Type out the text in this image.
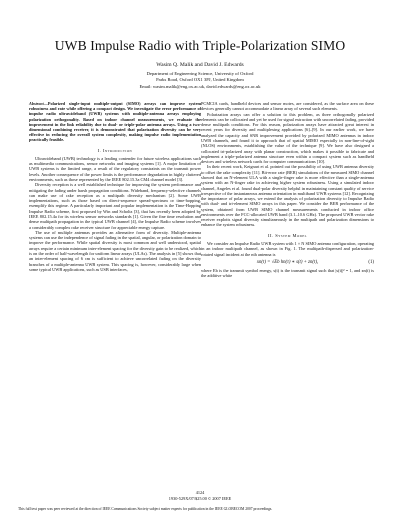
UWB Impulse Radio with Triple-Polarization SIMO
Wasim Q. Malik and David J. Edwards
Department of Engineering Science, University of Oxford
Parks Road, Oxford OX1 3PJ, United Kingdom
Email: wasim.malik@eng.ox.ac.uk, david.edwards@eng.ox.ac.uk

Abstract—Polarized single-input multiple-output (SIMO) arrays can improve system robustness and rate while offering a compact design. We investigate the error performance of impulse radio ultrawideband (UWB) systems with multiple-antenna arrays employing polarization orthogonality. Based on indoor channel measurements, we evaluate the improvement in the link reliability due to dual- or triple-polar antenna arrays. Using a two-dimensional combining receiver, it is demonstrated that polarization diversity can be very effective in reducing the overall system complexity, making impulse radio implementation practically feasible.

I. Introduction

Ultrawideband (UWB) technology is a leading contender for future wireless applications such as multimedia communications, sensor networks and imaging systems [1]. A major limitation of UWB systems is the limited range, a result of the regulatory constraints on the transmit power levels. Another consequence of the power limits is the performance degradation in highly cluttered environments, such as those represented by the IEEE 802.15.3a CM4 channel model [3].

Diversity reception is a well established technique for improving the system performance and mitigating the fading under harsh propagation conditions. Wideband, frequency-selective channels can make use of rake reception as a multipath diversity mechanism [2]. Some UWB implementations, such as those based on direct-sequence spread-spectrum or time-hopping, exemplify this regime. A particularly important and popular implementation is the Time-Hopping Impulse Radio scheme, first proposed by Win and Scholtz [3], that has recently been adopted by IEEE 802.15.4a for its wireless sensor networks standards [1]. Given the fine time resolution and dense multipath propagation in the typical UWB channel [4], the Impulse Radio scheme involves a considerably complex rake receiver structure for appreciable energy capture.

The use of multiple antennas provides an alternative form of diversity. Multiple-antenna systems can use the independence of signal fading in the spatial, angular, or polarization domain to improve the performance. While spatial diversity is most common and well understood, spatial arrays require a certain minimum inter-element spacing for the diversity gain to be realized, which is on the order of half-wavelength for uniform linear arrays (ULAs). The analysis in [5] shows that an inter-element spacing of 6 cm is sufficient to achieve uncorrelated fading on the diversity branches of a multiple-antenna UWB system. This spacing is, however, considerably large when some typical UWB applications, such as USB interfaces,

PCMCIA cards, handheld devices and sensor motes, are considered, as the surface area on these devices generally cannot accommodate a linear array of several such elements.

Polarization arrays can offer a solution to this problem, as three orthogonally polarized elements can be collocated and yet be used for signal extraction with uncorrelated fading, provided dense multipath conditions. For this reason, polarization arrays have attracted great interest in recent years for diversity and multiplexing applications [6]–[9]. In our earlier work, we have analyzed the capacity and SNR improvement provided by polarized MIMO antennas in indoor UWB channels, and found it to approach that of spatial MIMO especially in non-line-of-sight (NLOS) environments, establishing the value of the technique [9]. We have also designed a collocated tri-polarized array with planar construction, which makes it possible to fabricate and implement a triple-polarized antenna structure even within a compact system such as handheld devices and wireless network cards for computer communications [10].

In their recent work, Keignart et al. pointed out the possibility of using UWB antenna diversity to offset the rake complexity [11]. Bit-error rate (BER) simulations of the measured SIMO channel showed that an N-element ULA with a single-finger rake is more effective than a single-antenna system with an N-finger rake in achieving higher system robustness. Using a simulated indoor channel, Angeles et al. found dual-polar diversity helpful in maintaining constant quality of service irrespective of the instantaneous antenna orientation in multiband UWB systems [12]. Recognizing the importance of polar arrays, we extend the analysis of polarization diversity to Impulse Radio with dual- and tri-element SIMO arrays in this paper. We consider the BER performance of the system, obtained from UWB SIMO channel measurements conducted in indoor office environments over the FCC-allocated UWB band (3.1–10.6 GHz). The proposed UWB vector rake receiver exploits signal diversity simultaneously in the multipath and polarization dimensions to enhance the system robustness.

II. System Model

We consider an Impulse Radio UWB system with 1 × N SIMO antenna configuration, operating in an indoor multipath channel, as shown in Fig. 1. The multipath-dispersed and polarization-rotated signal incident at the nth antenna is

xn(t) = √Eb hn(τ) ∗ s(t) + zn(t),	(1)

where Eb is the transmit symbol energy, s(t) is the transmit signal such that |s(t)|² = 1, and zn(t) is the additive white

4124
1930-529X/07/$25.00 © 2007 IEEE
This full text paper was peer reviewed at the direction of IEEE Communications Society subject matter experts for publication in the IEEE GLOBECOM 2007 proceedings.
